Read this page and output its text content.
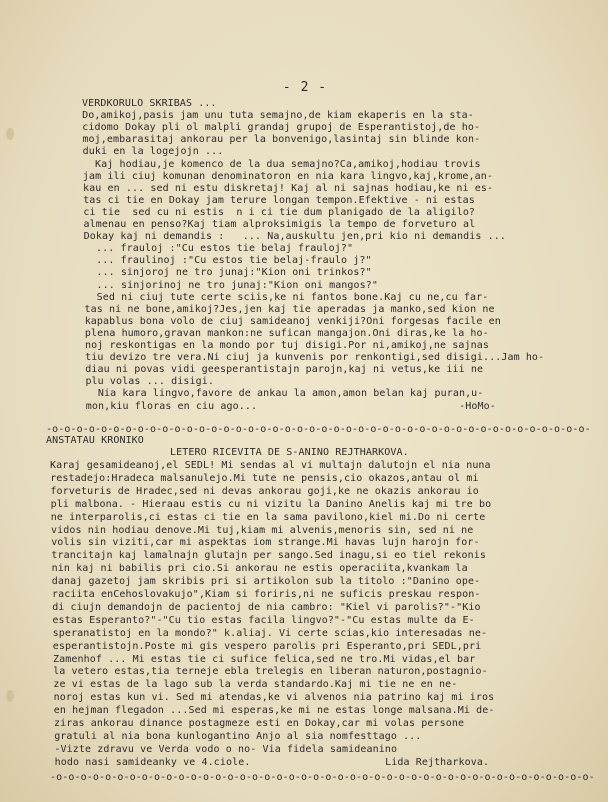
- 2 -
VERDKORULO SKRIBAS ...
Do,amikoj,pasis jam unu tuta semajno,de kiam ekaperis en la sta-
cidomo Dokay pli ol malpli grandaj grupoj de Esperantistoj,de ho-
moj,embarasitaj ankorau per la bonvenigo,lasintaj sin blinde kon-
duki en la logejojn ...
Kaj hodiau,je komenco de la dua semajno?Ca,amikoj,hodiau trovis
jam ili ciuj komunan denominatoron en nia kara lingvo,kaj,krome,an-
kau en ... sed ni estu diskretaj! Kaj al ni sajnas hodiau,ke ni es-
tas ci tie en Dokay jam terure longan tempon.Efektive - ni estas
ci tie  sed cu ni estis  n i ci tie dum planigado de la aligilo?
almenau en penso?Kaj tiam alproksimigis la tempo de forveturo al
Dokay kaj ni demandis :   ... Na,auskultu jen,pri kio ni demandis ...
... frauloj :"Cu estos tie belaj frauloj?"
... fraulinoj :"Cu estos tie belaj-fraulo j?"
... sinjoroj ne tro junaj:"Kion oni trinkos?"
... sinjorinoj ne tro junaj:"Kion oni mangos?"
Sed ni ciuj tute certe sciis,ke ni fantos bone.Kaj cu ne,cu far-
tas ni ne bone,amikoj?Jes,jen kaj tie aperadas ja manko,sed kion ne
kapablus bona volo de ciuj samideanoj venkiji?Oni forgesas facile en
plena humoro,gravan mankon:ne sufican mangajon.Oni diras,ke la ho-
noj reskontigas en la mondo por tuj disigi.Por ni,amikoj,ne sajnas
tiu devizo tre vera.Ni ciuj ja kunvenis por renkontigi,sed disigi...Jam ho-
diau ni povas vidi geesperantistajn parojn,kaj ni vetus,ke iii ne
plu volas ... disigi.
Nia kara lingvo,favore de ankau la amon,amon belan kaj puran,u-
mon,kiu floras en ciu ago...                                 -HoMo-
-o-o-o-o-o-o-o-o-o-o-o-o-o-o-o-o-o-o-o-o-o-o-o-o-o-o-o-o-o-o-o-o-o-o-o-o-o-o-o-o-o-o-o-o-
ANSTATAU KRONIKO
LETERO RICEVITA DE S-ANINO REJTHARKOVA.
Karaj gesamideanoj,el SEDL! Mi sendas al vi multajn dalutojn el nia nuna
restadejo:Hradeca malsanulejo.Mi tute ne pensis,cio okazos,antau ol mi
forveturis de Hradec,sed ni devas ankorau goji,ke ne okazis ankorau io
pli malbona. - Hieraau estis cu ni vizitu la Danino Anelis kaj mi tre bo
ne interparolis,ci estas ci tie en la sama pavilono,kiel mi.Do ni certe
vidos nin hodiau denove.Mi tuj,kiam mi alvenis,menoris sin, sed ni ne
volis sin viziti,car mi aspektas iom strange.Mi havas lujn harojn for-
trancitajn kaj lamalnajn glutajn per sango.Sed inagu,si eo tiel rekonis
nin kaj ni babilis pri cio.Si ankorau ne estis operaciita,kvankam la
danaj gazetoj jam skribis pri si artikolon sub la titolo :"Danino ope-
raciita enCehoslovakujo",Kiam si foriris,ni ne suficis preskau respon-
di ciujn demandojn de pacientoj de nia cambro: "Kiel vi parolis?"-"Kio
estas Esperanto?"-"Cu tio estas facila lingvo?"-"Cu estas multe da E-
speranatistoj en la mondo?" k.aliaj. Vi certe scias,kio interesadas ne-
esperantistojn.Poste mi gis vespero parolis pri Esperanto,pri SEDL,pri
Zamenhof ... Mi estas tie ci sufice felica,sed ne tro.Mi vidas,el bar
la vetero estas,tia terneje ebla trelegis en liberan naturon,postagnio-
ze vi estas de la lago sub la verda standardo.Kaj mi tie ne en ne-
noroj estas kun vi. Sed mi atendas,ke vi alvenos nia patrino kaj mi iros
en hejman flegadon ...Sed mi esperas,ke mi ne estas longe malsana.Mi de-
ziras ankorau dinance postagmeze esti en Dokay,car mi volas persone
gratuli al nia bona kunlogantino Anjo al sia nomfesttago ...
-Vizte zdravu ve Verda vodo o no- Via fidela samideanino
hodo nasi samideanky ve 4.ciole.                      Lida Rejtharkova.
-o-o-o-o-o-o-o-o-o-o-o-o-o-o-o-o-o-o-o-o-o-o-o-o-o-o-o-o-o-o-o-o-o-o-o-o-o-o-o-o-o-o-o-o-
